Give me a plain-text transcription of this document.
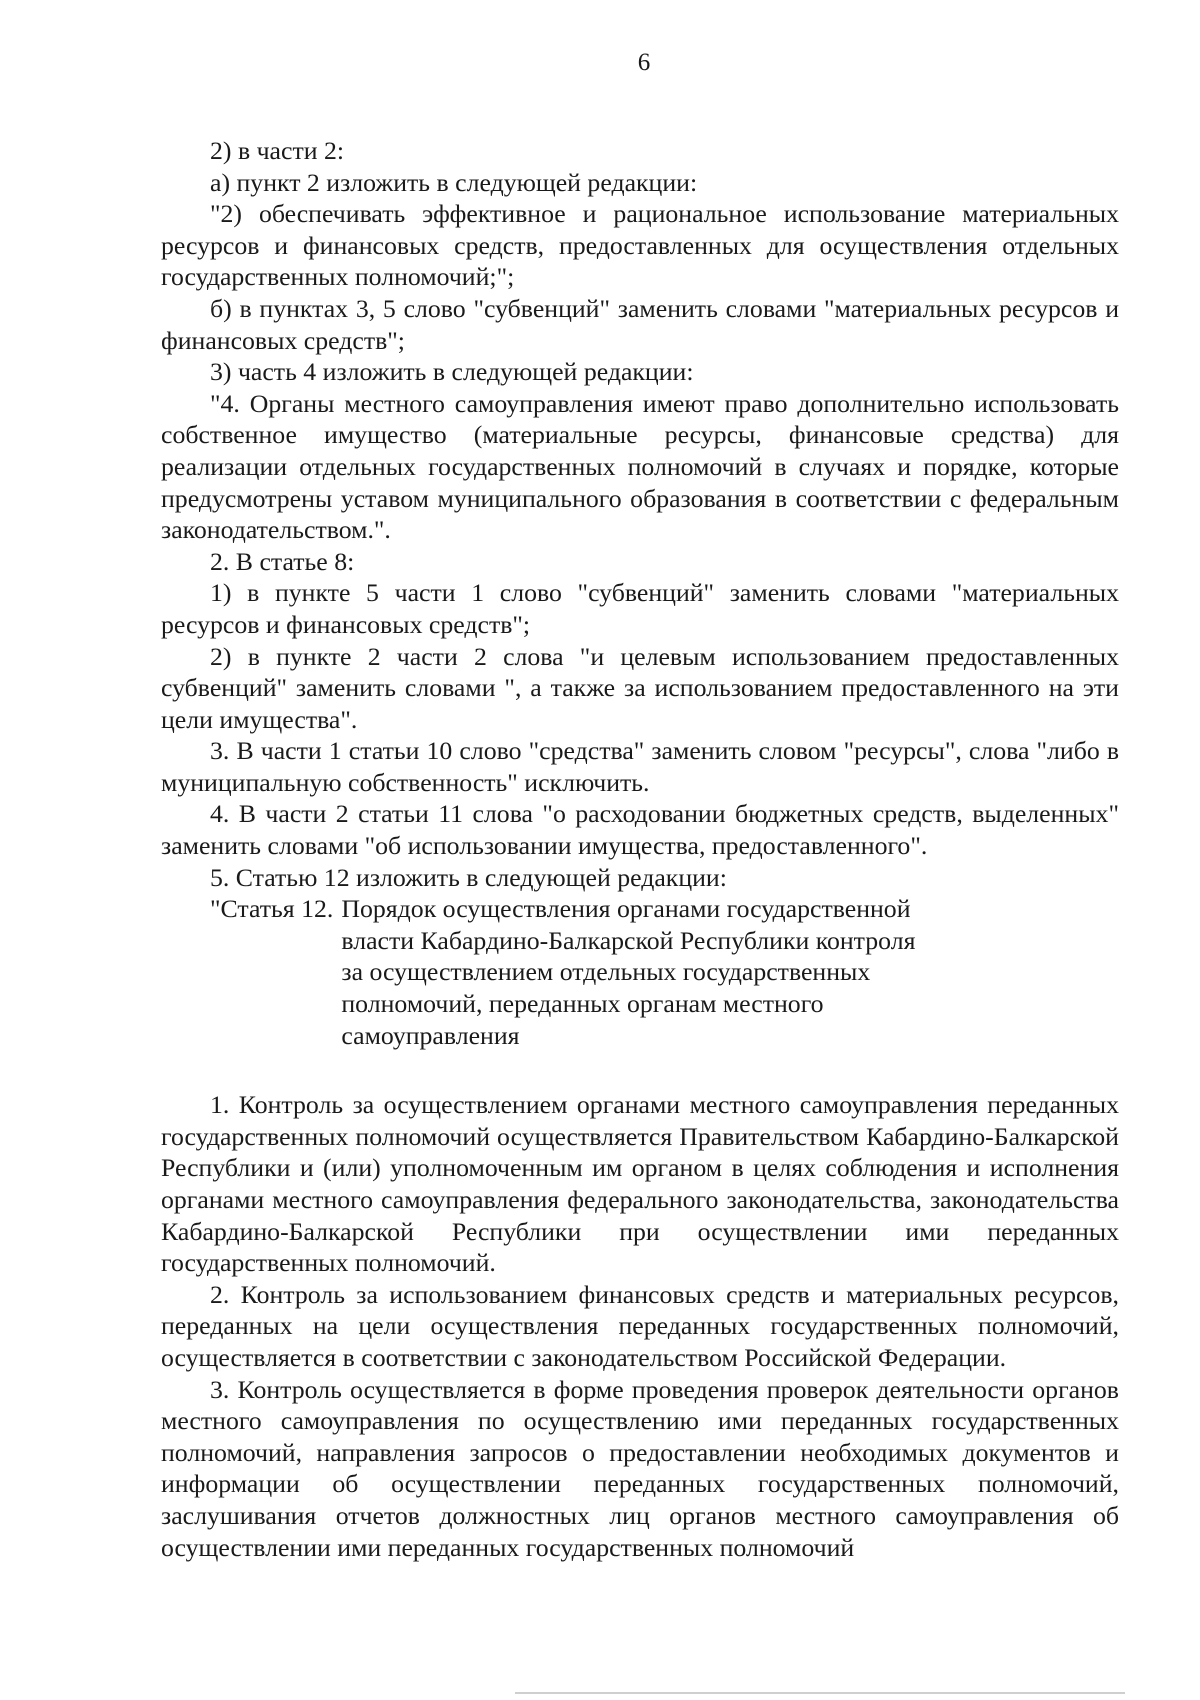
6

2) в части 2:

а) пункт 2 изложить в следующей редакции:

"2) обеспечивать эффективное и рациональное использование материальных ресурсов и финансовых средств, предоставленных для осуществления отдельных государственных полномочий;";

б) в пунктах 3, 5 слово "субвенций" заменить словами "материальных ресурсов и финансовых средств";

3) часть 4 изложить в следующей редакции:

"4. Органы местного самоуправления имеют право дополнительно использовать собственное имущество (материальные ресурсы, финансовые средства) для реализации отдельных государственных полномочий в случаях и порядке, которые предусмотрены уставом муниципального образования в соответствии с федеральным законодательством.".

2. В статье 8:

1) в пункте 5 части 1 слово "субвенций" заменить словами "материальных ресурсов и финансовых средств";

2) в пункте 2 части 2 слова "и целевым использованием предоставленных субвенций" заменить словами ", а также за использованием предоставленного на эти цели имущества".

3. В части 1 статьи 10 слово "средства" заменить словом "ресурсы", слова "либо в муниципальную собственность" исключить.

4. В части 2 статьи 11 слова "о расходовании бюджетных средств, выделенных" заменить словами "об использовании имущества, предоставленного".

5. Статью 12 изложить в следующей редакции:

"Статья 12. Порядок осуществления органами государственной
власти Кабардино-Балкарской Республики контроля
за осуществлением отдельных государственных
полномочий, переданных органам местного
самоуправления

1. Контроль за осуществлением органами местного самоуправления переданных государственных полномочий осуществляется Правительством Кабардино-Балкарской Республики и (или) уполномоченным им органом в целях соблюдения и исполнения органами местного самоуправления федерального законодательства, законодательства Кабардино-Балкарской Республики при осуществлении ими переданных государственных полномочий.

2. Контроль за использованием финансовых средств и материальных ресурсов, переданных на цели осуществления переданных государственных полномочий, осуществляется в соответствии с законодательством Российской Федерации.

3. Контроль осуществляется в форме проведения проверок деятельности органов местного самоуправления по осуществлению ими переданных государственных полномочий, направления запросов о предоставлении необходимых документов и информации об осуществлении переданных государственных полномочий, заслушивания отчетов должностных лиц органов местного самоуправления об осуществлении ими переданных государственных полномочий
